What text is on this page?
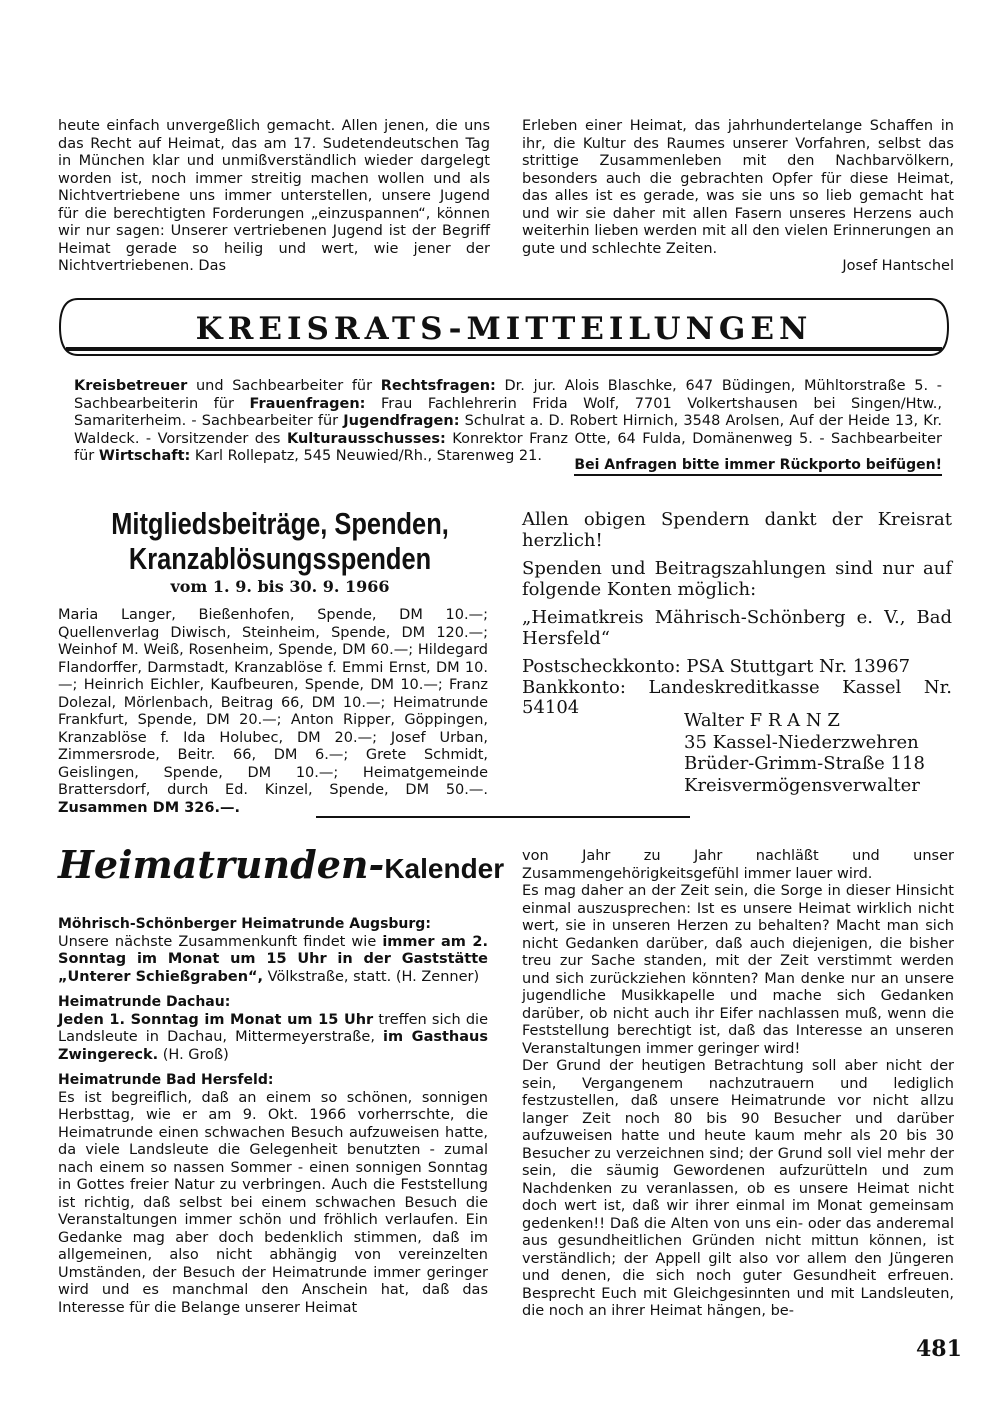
heute einfach unvergeßlich gemacht. Allen jenen, die uns das Recht auf Heimat, das am 17. Sudetendeutschen Tag in München klar und unmißverständlich wieder dargelegt worden ist, noch immer streitig machen wollen und als Nichtvertriebene uns immer unterstellen, unsere Jugend für die berechtigten Forderungen „einzuspannen“, können wir nur sagen: Unserer vertriebenen Jugend ist der Begriff Heimat gerade so heilig und wert, wie jener der Nichtvertriebenen. Das

Erleben einer Heimat, das jahrhundertelange Schaffen in ihr, die Kultur des Raumes unserer Vorfahren, selbst das strittige Zusammenleben mit den Nachbarvölkern, besonders auch die gebrachten Opfer für diese Heimat, das alles ist es gerade, was sie uns so lieb gemacht hat und wir sie daher mit allen Fasern unseres Herzens auch weiterhin lieben werden mit all den vielen Erinnerungen an gute und schlechte Zeiten.

Josef Hantschel

KREISRATS-MITTEILUNGEN
Kreisbetreuer und Sachbearbeiter für Rechtsfragen: Dr. jur. Alois Blaschke, 647 Büdingen, Mühltorstraße 5. - Sachbearbeiterin für Frauenfragen: Frau Fachlehrerin Frida Wolf, 7701 Volkertshausen bei Singen/Htw., Samariterheim. - Sachbearbeiter für Jugendfragen: Schulrat a. D. Robert Hirnich, 3548 Arolsen, Auf der Heide 13, Kr. Waldeck. - Vorsitzender des Kulturausschusses: Konrektor Franz Otte, 64 Fulda, Domänenweg 5. - Sachbearbeiter für Wirtschaft: Karl Rollepatz, 545 Neuwied/Rh., Starenweg 21.
Bei Anfragen bitte immer Rückporto beifügen!
Mitgliedsbeiträge, Spenden,
Kranzablösungsspenden
vom 1. 9. bis 30. 9. 1966

Maria Langer, Bießenhofen, Spende, DM 10.—; Quellenverlag Diwisch, Steinheim, Spende, DM 120.—; Weinhof M. Weiß, Rosenheim, Spende, DM 60.—; Hildegard Flandorffer, Darmstadt, Kranzablöse f. Emmi Ernst, DM 10.—; Heinrich Eichler, Kaufbeuren, Spende, DM 10.—; Franz Dolezal, Mörlenbach, Beitrag 66, DM 10.—; Heimatrunde Frankfurt, Spende, DM 20.—; Anton Ripper, Göppingen, Kranzablöse f. Ida Holubec, DM 20.—; Josef Urban, Zimmersrode, Beitr. 66, DM 6.—; Grete Schmidt, Geislingen, Spende, DM 10.—; Heimatgemeinde Brattersdorf, durch Ed. Kinzel, Spende, DM 50.—. Zusammen DM 326.—.

Allen obigen Spendern dankt der Kreisrat herzlich!

Spenden und Beitragszahlungen sind nur auf folgende Konten möglich:

„Heimatkreis Mährisch-Schönberg e. V., Bad Hersfeld“

Postscheckkonto: PSA Stuttgart Nr. 13967

Bankkonto: Landeskreditkasse Kassel Nr. 54104

Walter F R A N Z

35 Kassel-Niederzwehren

Brüder-Grimm-Straße 118

Kreisvermögensverwalter

Heimatrunden-Kalender

Möhrisch-Schönberger Heimatrunde Augsburg:

Unsere nächste Zusammenkunft findet wie immer am 2. Sonntag im Monat um 15 Uhr in der Gaststätte „Unterer Schießgraben“, Völkstraße, statt. (H. Zenner)

Heimatrunde Dachau:

Jeden 1. Sonntag im Monat um 15 Uhr treffen sich die Landsleute in Dachau, Mittermeyerstraße, im Gasthaus Zwingereck. (H. Groß)

Heimatrunde Bad Hersfeld:

Es ist begreiflich, daß an einem so schönen, sonnigen Herbsttag, wie er am 9. Okt. 1966 vorherrschte, die Heimatrunde einen schwachen Besuch aufzuweisen hatte, da viele Landsleute die Gelegenheit benutzten - zumal nach einem so nassen Sommer - einen sonnigen Sonntag in Gottes freier Natur zu verbringen. Auch die Feststellung ist richtig, daß selbst bei einem schwachen Besuch die Veranstaltungen immer schön und fröhlich verlaufen. Ein Gedanke mag aber doch bedenklich stimmen, daß im allgemeinen, also nicht abhängig von vereinzelten Umständen, der Besuch der Heimatrunde immer geringer wird und es manchmal den Anschein hat, daß das Interesse für die Belange unserer Heimat

von Jahr zu Jahr nachläßt und unser Zusammengehörigkeitsgefühl immer lauer wird.

Es mag daher an der Zeit sein, die Sorge in dieser Hinsicht einmal auszusprechen: Ist es unsere Heimat wirklich nicht wert, sie in unseren Herzen zu behalten? Macht man sich nicht Gedanken darüber, daß auch diejenigen, die bisher treu zur Sache standen, mit der Zeit verstimmt werden und sich zurückziehen könnten? Man denke nur an unsere jugendliche Musikkapelle und mache sich Gedanken darüber, ob nicht auch ihr Eifer nachlassen muß, wenn die Feststellung berechtigt ist, daß das Interesse an unseren Veranstaltungen immer geringer wird!

Der Grund der heutigen Betrachtung soll aber nicht der sein, Vergangenem nachzutrauern und lediglich festzustellen, daß unsere Heimatrunde vor nicht allzu langer Zeit noch 80 bis 90 Besucher und darüber aufzuweisen hatte und heute kaum mehr als 20 bis 30 Besucher zu verzeichnen sind; der Grund soll viel mehr der sein, die säumig Gewordenen aufzurütteln und zum Nachdenken zu veranlassen, ob es unsere Heimat nicht doch wert ist, daß wir ihrer einmal im Monat gemeinsam gedenken!! Daß die Alten von uns ein- oder das anderemal aus gesundheitlichen Gründen nicht mittun können, ist verständlich; der Appell gilt also vor allem den Jüngeren und denen, die sich noch guter Gesundheit erfreuen. Besprecht Euch mit Gleichgesinnten und mit Landsleuten, die noch an ihrer Heimat hängen, be-

481
